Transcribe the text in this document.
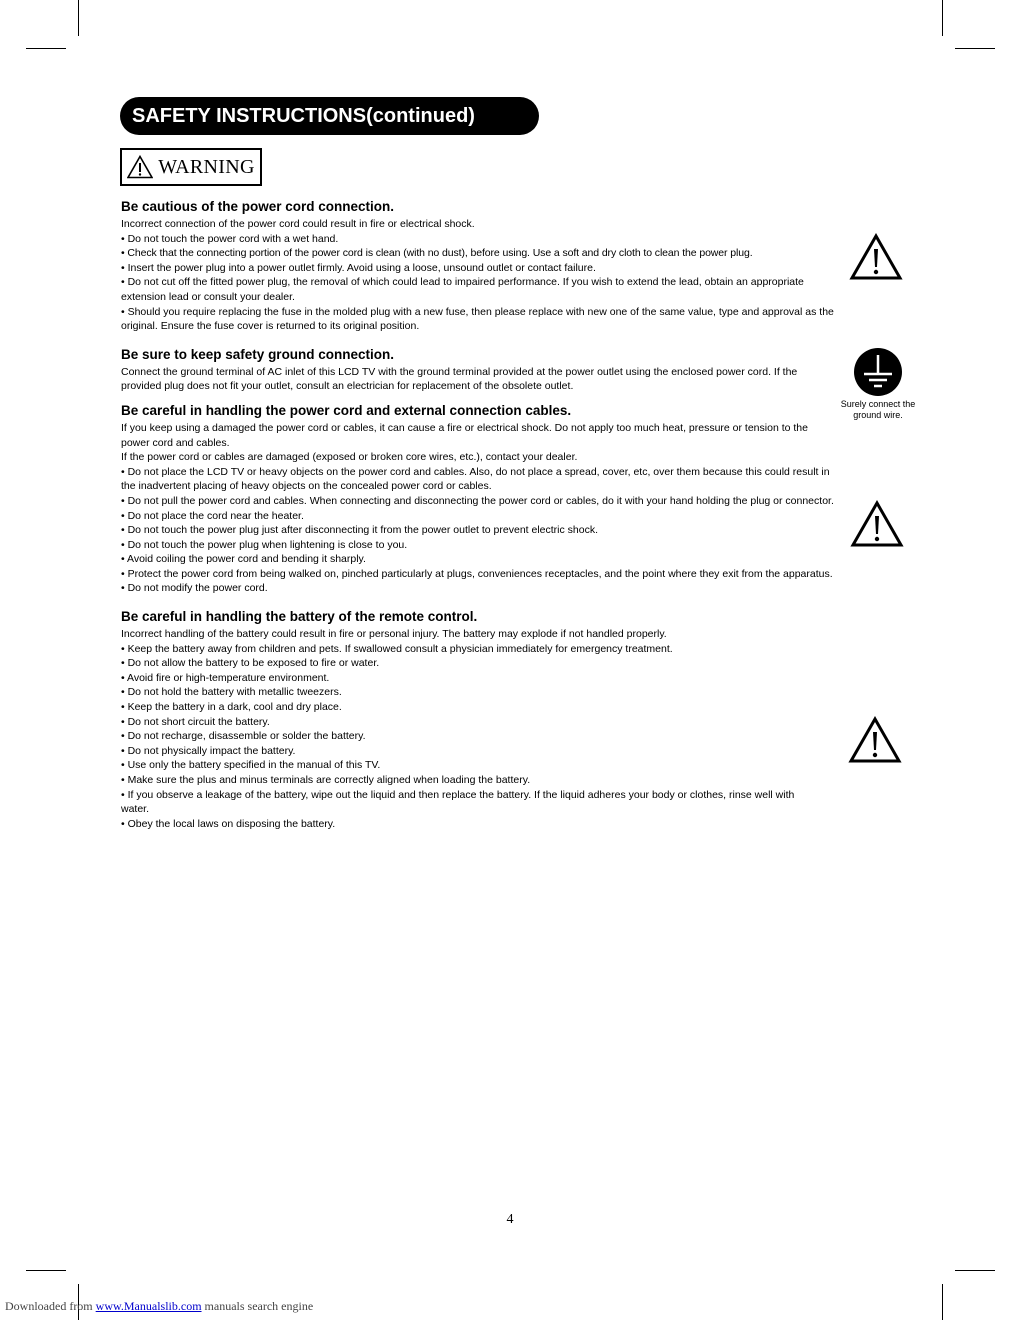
SAFETY INSTRUCTIONS(continued)
WARNING
Be cautious of the power cord connection.

Incorrect connection of the power cord could result in fire or electrical shock.

• Do not touch the power cord with a wet hand.

• Check that the connecting portion of the power cord is clean (with no dust), before using. Use a soft and dry cloth to clean the power plug.

• Insert the power plug into a power outlet firmly. Avoid using a loose, unsound outlet or contact failure.

• Do not cut off the fitted power plug, the removal of which could lead to impaired performance. If you wish to extend the lead, obtain an appropriate extension lead or consult your dealer.

• Should you require replacing the fuse in the molded plug with a new fuse, then please replace with new one of the same value, type and approval as the original. Ensure the fuse cover is returned to its original position.

Be sure to keep safety ground connection.

Connect the ground terminal of AC inlet of this LCD TV with the ground terminal provided at the power outlet using the enclosed power cord. If the provided plug does not fit your outlet, consult an electrician for replacement of the obsolete outlet.

Be careful in handling the power cord and external connection cables.

If you keep using a damaged the power cord or cables, it can cause a fire or electrical shock. Do not apply too much heat, pressure or tension to the power cord and cables.

If the power cord or cables are damaged (exposed or broken core wires, etc.), contact your dealer.

• Do not place the LCD TV or heavy objects on the power cord and cables. Also, do not place a spread, cover, etc, over them because this could result in the inadvertent placing of heavy objects on the concealed power cord or cables.

• Do not pull the power cord and cables. When connecting and disconnecting the power cord or cables, do it with your hand holding the plug or connector.

• Do not place the cord near the heater.

• Do not touch the power plug just after disconnecting it from the power outlet to prevent electric shock.

• Do not touch the power plug when lightening is close to you.

• Avoid coiling the power cord and bending it sharply.

• Protect the power cord from being walked on, pinched particularly at plugs, conveniences receptacles, and the point where they exit from the apparatus.

• Do not modify the power cord.

Be careful in handling the battery of the remote control.

Incorrect handling of the battery could result in fire or personal injury. The battery may explode if not handled properly.

• Keep the battery away from children and pets. If swallowed consult a physician immediately for emergency treatment.

• Do not allow the battery to be exposed to fire or water.

• Avoid fire or high-temperature environment.

• Do not hold the battery with metallic tweezers.

• Keep the battery in a dark, cool and dry place.

• Do not short circuit the battery.

• Do not recharge, disassemble or solder the battery.

• Do not physically impact the battery.

• Use only the battery specified in the manual of this TV.

• Make sure the plus and minus terminals are correctly aligned when loading the battery.

• If you observe a leakage of the battery, wipe out the liquid and then replace the battery. If the liquid adheres your body or clothes, rinse well with water.

• Obey the local laws on disposing the battery.

Surely connect the ground wire.
4
Downloaded from www.Manualslib.com manuals search engine
